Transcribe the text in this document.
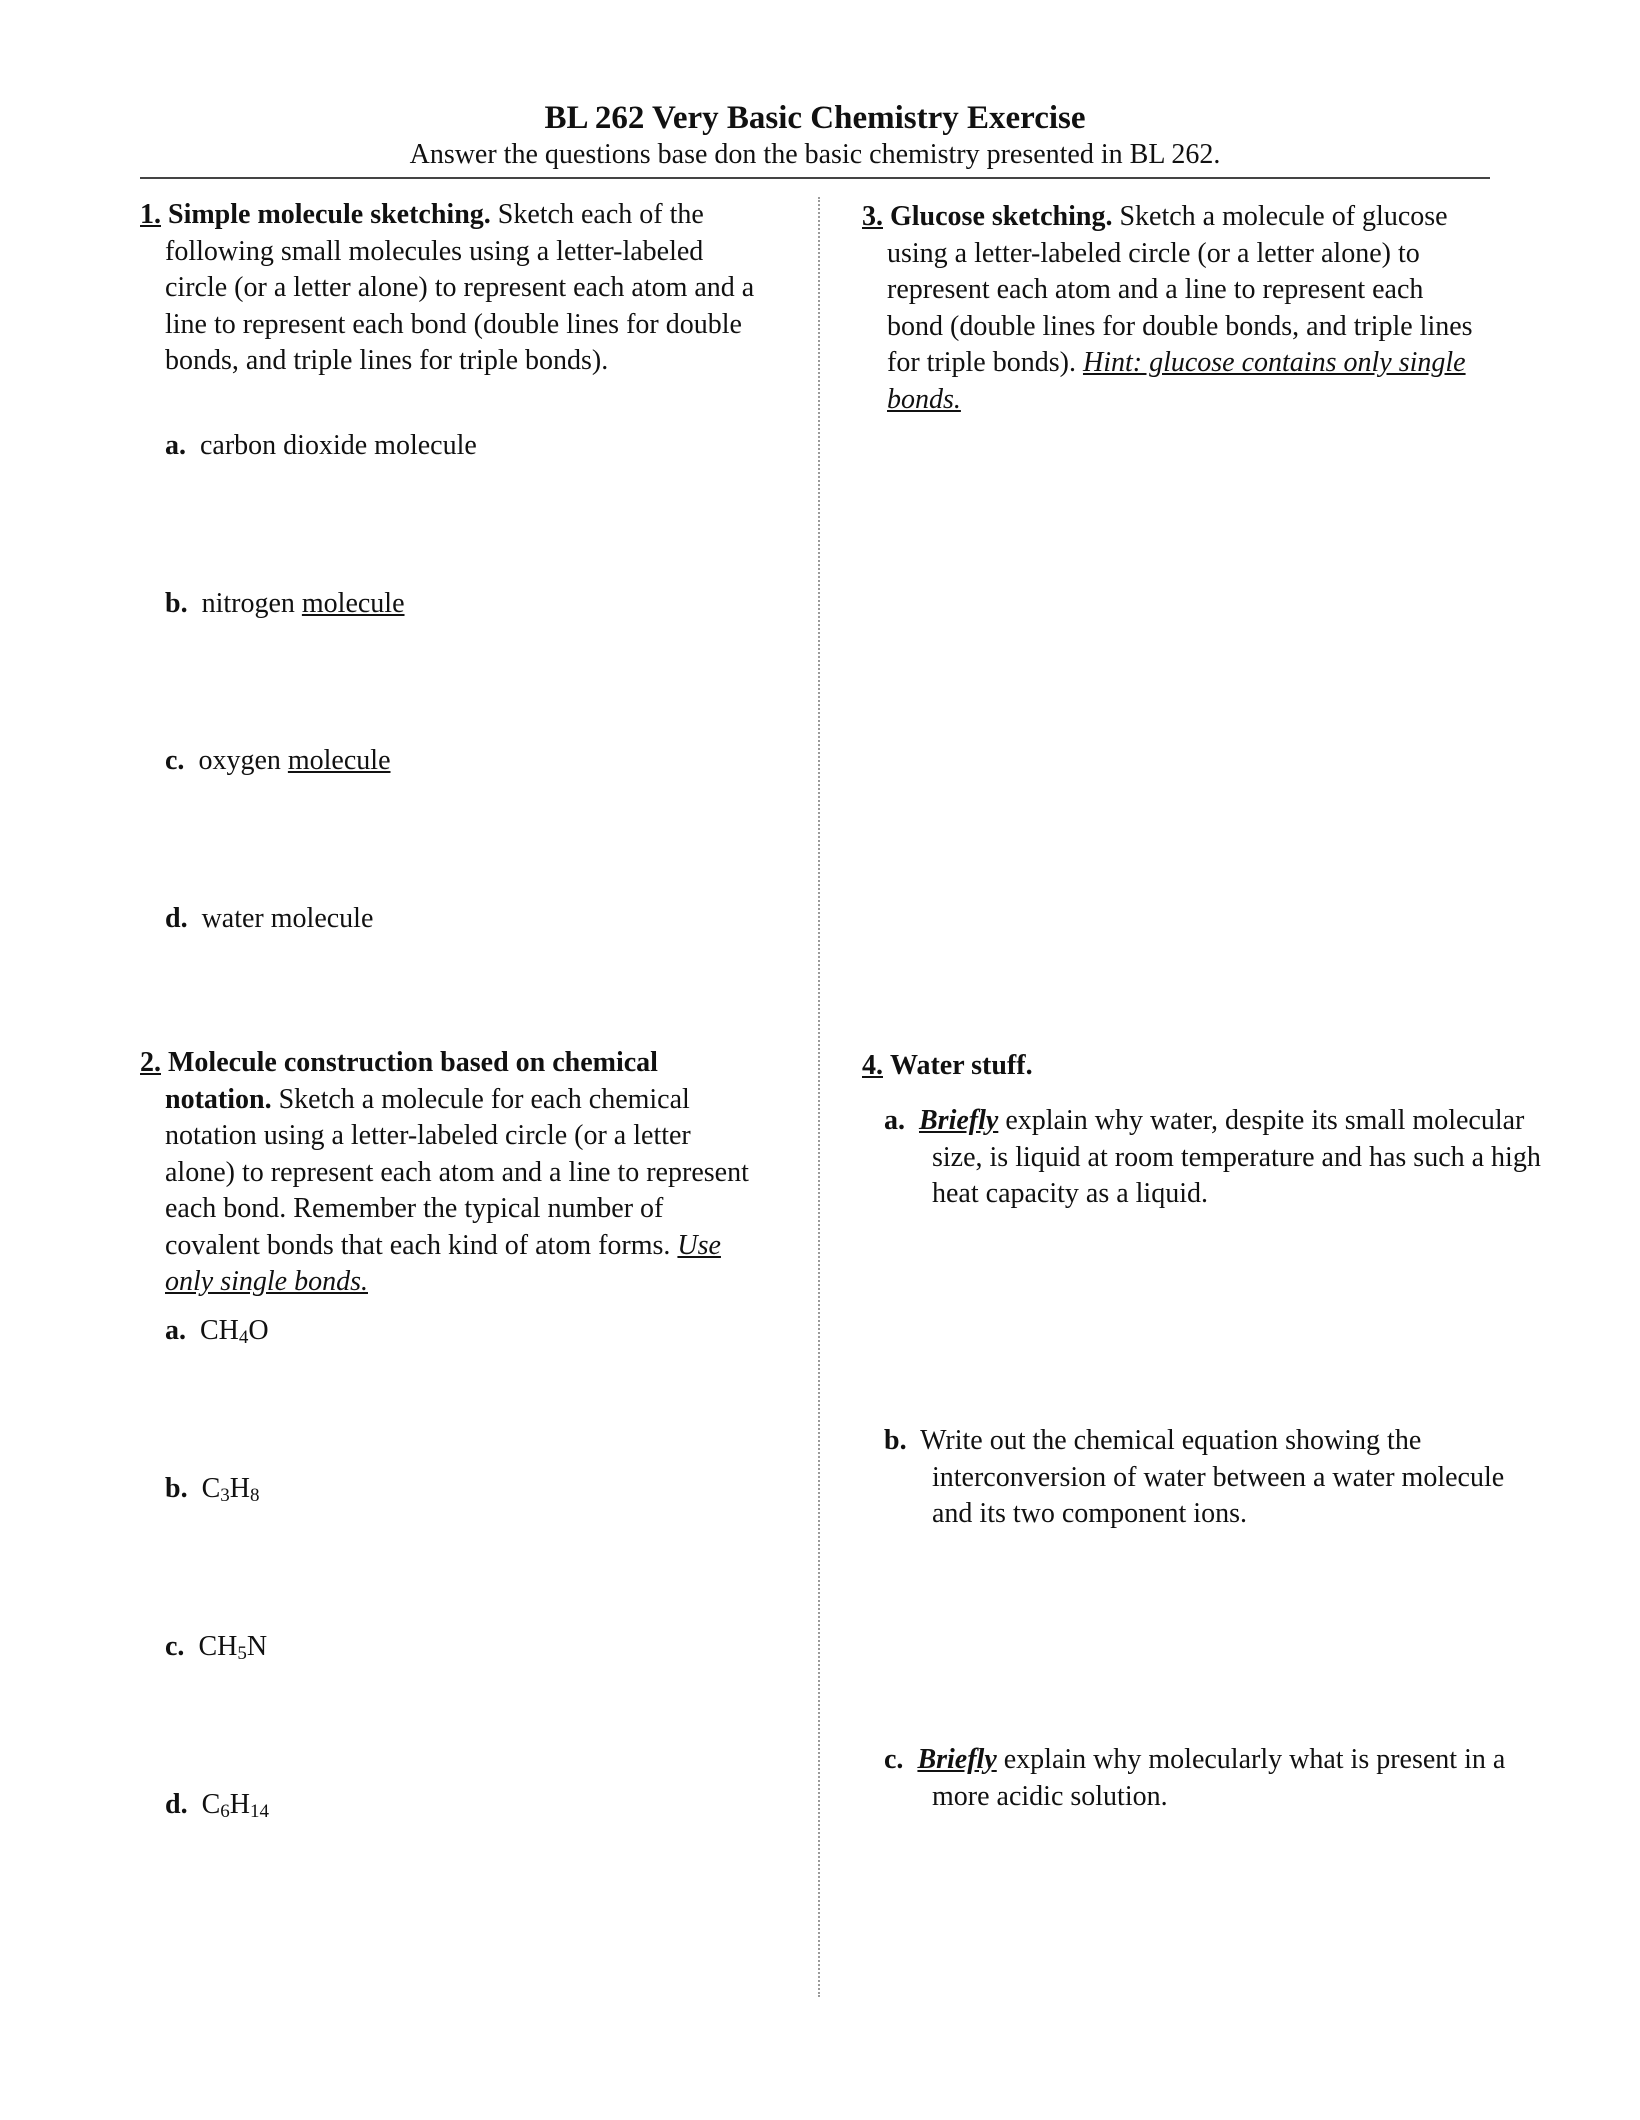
BL 262 Very Basic Chemistry Exercise
Answer the questions base don the basic chemistry presented in BL 262.
1. Simple molecule sketching. Sketch each of the following small molecules using a letter-labeled circle (or a letter alone) to represent each atom and a line to represent each bond (double lines for double bonds, and triple lines for triple bonds).
a. carbon dioxide molecule
b. nitrogen molecule
c. oxygen molecule
d. water molecule
2. Molecule construction based on chemical notation. Sketch a molecule for each chemical notation using a letter-labeled circle (or a letter alone) to represent each atom and a line to represent each bond. Remember the typical number of covalent bonds that each kind of atom forms. Use only single bonds.
a. $CH_4O$
b. $C_3H_8$
c. $CH_5N$
d. $C_6H_{14}$
3. Glucose sketching. Sketch a molecule of glucose using a letter-labeled circle (or a letter alone) to represent each atom and a line to represent each bond (double lines for double bonds, and triple lines for triple bonds). Hint: glucose contains only single bonds.
4. Water stuff.
a. Briefly explain why water, despite its small molecular size, is liquid at room temperature and has such a high heat capacity as a liquid.
b. Write out the chemical equation showing the interconversion of water between a water molecule and its two component ions.
c. Briefly explain why molecularly what is present in a more acidic solution.
